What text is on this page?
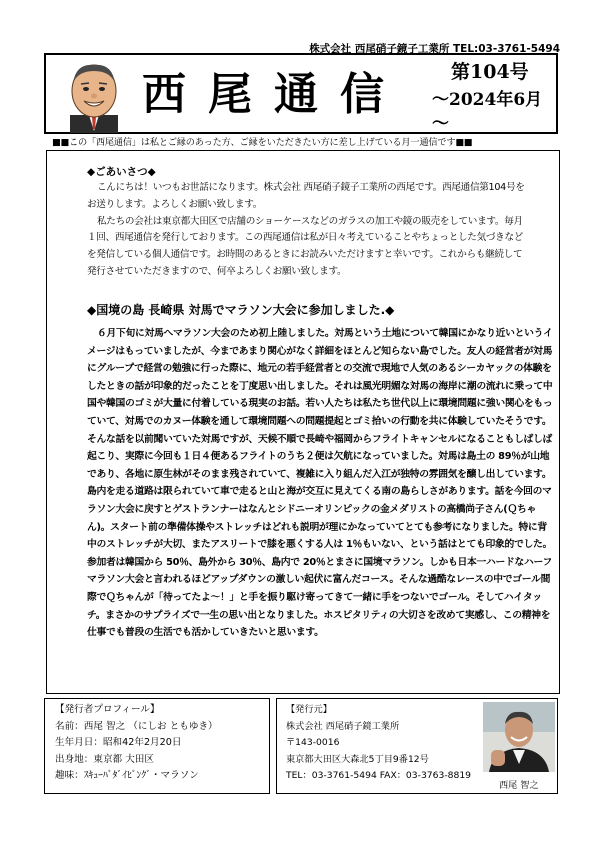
株式会社 西尾硝子鏡子工業所 TEL:03-3761-5494
西尾通信 第104号
～2024年6月～
■■この「西尾通信」は私とご縁のあった方、ご縁をいただきたい方に差し上げている月一通信です■■
◆ごあいさつ◆

こんにちは！いつもお世話になります。株式会社 西尾硝子鏡子工業所の西尾です。西尾通信第104号をお送りします。よろしくお願い致します。

私たちの会社は東京都大田区で店舗のショーケースなどのガラスの加工や鏡の販売をしています。毎月１回、西尾通信を発行しております。この西尾通信は私が日々考えていることやちょっとした気づきなどを発信している個人通信です。お時間のあるときにお読みいただけますと幸いです。これからも継続して発行させていただきますので、何卒よろしくお願い致します。

◆国境の島 長崎県 対馬でマラソン大会に参加しました.◆

６月下旬に対馬へマラソン大会のため初上陸しました。対馬という土地について韓国にかなり近いというイメージはもっていましたが、今まであまり関心がなく詳細をほとんど知らない島でした。友人の経営者が対馬にグループで経営の勉強に行った際に、地元の若手経営者との交流で現地で人気のあるシーカヤックの体験をしたときの話が印象的だったことを丁度思い出しました。それは風光明媚な対馬の海岸に潮の流れに乗って中国や韓国のゴミが大量に付着している現実のお話。若い人たちは私たち世代以上に環境問題に強い関心をもっていて、対馬でのカヌー体験を通して環境問題への問題提起とゴミ拾いの行動を共に体験していたそうです。

そんな話を以前聞いていた対馬ですが、天候不順で長崎や福岡からフライトキャンセルになることもしばしば起こり、実際に今回も１日４便あるフライトのうち２便は欠航になっていました。対馬は島土の 89％が山地であり、各地に原生林がそのまま残されていて、複雑に入り組んだ入江が独特の雰囲気を醸し出しています。島内を走る道路は限られていて車で走ると山と海が交互に見えてくる南の島らしさがあります。話を今回のマラソン大会に戻すとゲストランナーはなんとシドニーオリンピックの金メダリストの高橋尚子さん(Ｑちゃん)。スタート前の準備体操やストレッチはどれも説明が理にかなっていてとても参考になりました。特に背中のストレッチが大切、またアスリートで膝を悪くする人は 1％もいない、という話はとても印象的でした。参加者は韓国から 50％、島外から 30％、島内で 20％とまさに国境マラソン。しかも日本一ハードなハーフマラソン大会と言われるほどアップダウンの激しい起伏に富んだコース。そんな過酷なレースの中でゴール間際でＱちゃんが「待ってたよ～！」と手を振り駆け寄ってきて一緒に手をつないでゴール。そしてハイタッチ。まさかのサプライズで一生の思い出となりました。ホスピタリティの大切さを改めて実感し、この精神を仕事でも普段の生活でも活かしていきたいと思います。

【発行者プロフィール】
名前：西尾 智之 （にしお ともゆき）
生年月日：昭和42年2月20日
出身地：東京都 大田区
趣味：ｽｷｭｰﾊﾞﾀﾞｲﾋﾞﾝｸﾞ・マラソン
【発行元】
株式会社 西尾硝子鏡工業所
〒143-0016
東京都大田区大森北5丁目9番12号
TEL：03-3761-5494 FAX：03-3763-8819
西尾 智之
